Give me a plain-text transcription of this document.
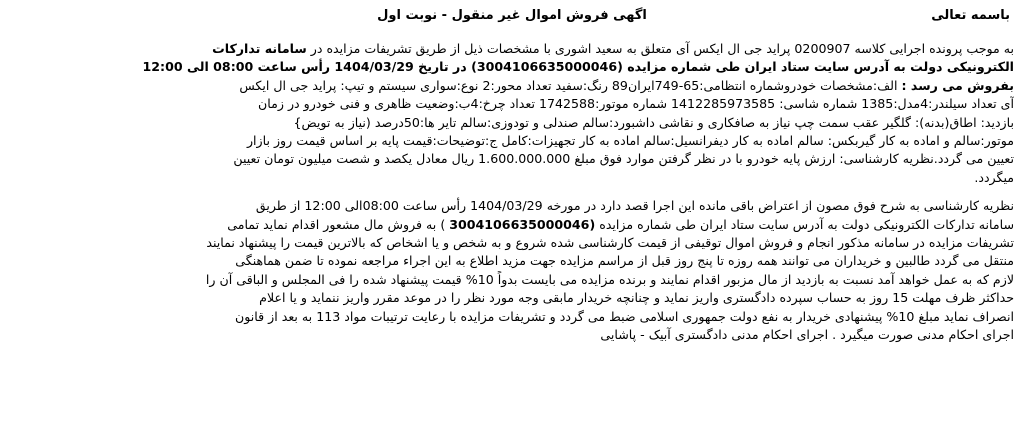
باسمه تعالی
اگهی فروش اموال غیر منقول - نوبت اول
به موجب پرونده اجرایی کلاسه 0200907 پراید جی ال ایکس آی متعلق به سعید اشوری با مشخصات ذیل از طریق تشریفات مزایده در سامانه تدارکات
الکترونیکی دولت به آدرس سایت ستاد ایران طی شماره مزایده (3004106635000046) در تاریخ 1404/03/29 رأس ساعت 08:00 الی 12:00
بفروش می رسد : الف:مشخصات خودروشماره انتظامی:65-749ایران89 رنگ:سفید تعداد محور:2 نوع:سواری سیستم و تیپ: پراید جی ال ایکس
آی تعداد سیلندر:4مدل:1385 شماره شاسی: 1412285973585 شماره موتور:1742588 تعداد چرخ:4ب:وضعیت ظاهری و فنی خودرو در زمان
بازدید: اطاق(بدنه): گلگیر عقب سمت چپ نیاز به صافکاری و نقاشی داشبورد:سالم صندلی و تودوزی:سالم تایر ها:50درصد (نیاز به تویض}
موتور:سالم و اماده به کار گیربکس: سالم اماده به کار دیفرانسیل:سالم اماده به کار تجهیزات:کامل ج:توضیحات:قیمت پایه بر اساس قیمت روز بازار
تعیین می گردد.نظریه کارشناسی: ارزش پایه خودرو با در نظر گرفتن موارد فوق مبلغ 1.600.000.000 ریال معادل یکصد و شصت میلیون تومان تعیین
میگردد.
نظریه کارشناسی به شرح فوق مصون از اعتراض باقی مانده این اجرا قصد دارد در مورخه 1404/03/29 رأس ساعت 08:00الی 12:00 از طریق
سامانه تدارکات الکترونیکی دولت به آدرس سایت ستاد ایران طی شماره مزایده (3004106635000046 ) به فروش مال مشعور اقدام نماید تمامی
تشریفات مزایده در سامانه مذکور انجام و فروش اموال توقیفی از قیمت کارشناسی شده شروع و به شخص و یا اشخاص که بالاترین قیمت را پیشنهاد نمایند
منتقل می گردد طالبین و خریداران می توانند همه روزه تا پنج روز قبل از مراسم مزایده جهت مزید اطلاع به این اجراء مراجعه نموده تا ضمن هماهنگی
لازم که به عمل خواهد آمد نسبت به بازدید از مال مزبور اقدام نمایند و برنده مزایده می بایست بدواً 10% قیمت پیشنهاد شده را فی المجلس و الباقی آن را
حداکثر ظرف مهلت 15 روز به حساب سپرده دادگستری واریز نماید و چنانچه خریدار مابقی وجه مورد نظر را در موعد مقرر واریز ننماید و یا اعلام
انصراف نماید مبلغ 10% پیشنهادی خریدار به نفع دولت جمهوری اسلامی ضبط می گردد و تشریفات مزایده با رعایت ترتیبات مواد 113 به بعد از قانون
اجرای احکام مدنی صورت میگیرد . اجرای احکام مدنی دادگستری آبیک - پاشایی
